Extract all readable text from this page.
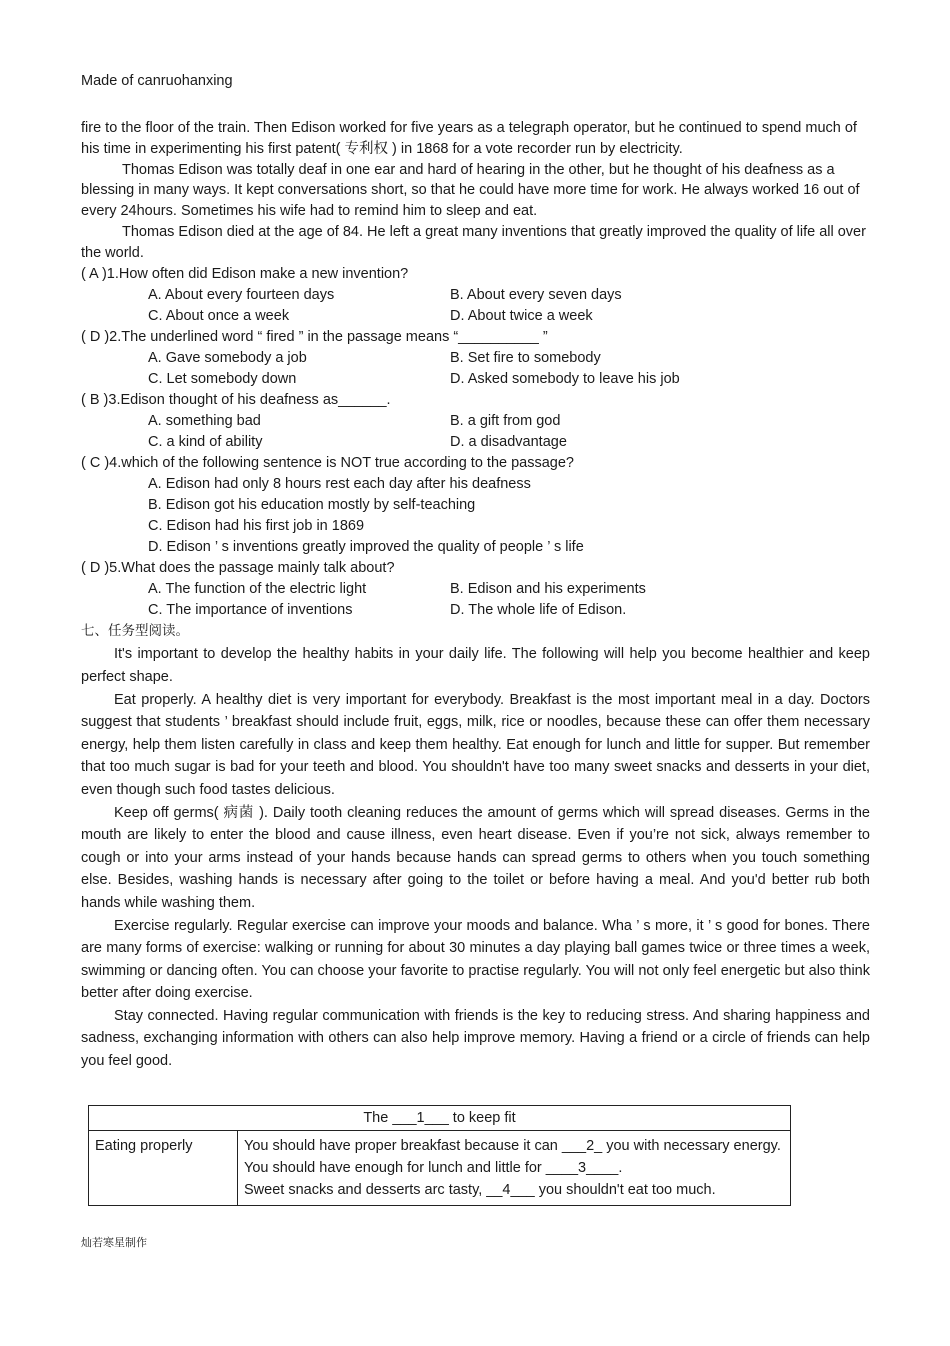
Made of canruohanxing

fire to the floor of the train. Then Edison worked for five years as a telegraph operator, but he continued to spend much of his time in experimenting his first patent( 专利权 ) in 1868 for a vote recorder run by electricity.

Thomas Edison was totally deaf in one ear and hard of hearing in the other, but he thought of his deafness as a blessing in many ways. It kept conversations short, so that he could have more time for work. He always worked 16 out of every 24hours. Sometimes his wife had to remind him to sleep and eat.

Thomas Edison died at the age of 84. He left a great many inventions that greatly improved the quality of life all over the world.

( A )1.How often did Edison make a new invention?
A. About every fourteen days	B. About every seven days
C. About once a week	D. About twice a week
( D )2.The underlined word “ fired ” in the passage means “__________ ”
A. Gave somebody a job	B. Set fire to somebody
C. Let somebody down	D. Asked somebody to leave his job
( B )3.Edison thought of his deafness as______.
A. something bad	B. a gift from god
C. a kind of ability	D. a disadvantage
( C )4.which of the following sentence is NOT true according to the passage?
A. Edison had only 8 hours rest each day after his deafness
B. Edison got his education mostly by self-teaching
C. Edison had his first job in 1869
D. Edison ’ s inventions greatly improved the quality of people ’ s life
( D )5.What does the passage mainly talk about?
A. The function of the electric light	B. Edison and his experiments
C. The importance of inventions	D. The whole life of Edison.

七、任务型阅读。

It's important to develop the healthy habits in your daily life. The following will help you become healthier and keep perfect shape.

Eat properly. A healthy diet is very important for everybody. Breakfast is the most important meal in a day. Doctors suggest that students ’ breakfast should include fruit, eggs, milk, rice or noodles, because these can offer them necessary energy, help them listen carefully in class and keep them healthy. Eat enough for lunch and little for supper. But remember that too much sugar is bad for your teeth and blood. You shouldn't have too many sweet snacks and desserts in your diet, even though such food tastes delicious.

Keep off germs( 病菌 ). Daily tooth cleaning reduces the amount of germs which will spread diseases. Germs in the mouth are likely to enter the blood and cause illness, even heart disease. Even if you’re not sick, always remember to cough or into your arms instead of your hands because hands can spread germs to others when you touch something else. Besides, washing hands is necessary after going to the toilet or before having a meal. And you'd better rub both hands while washing them.

Exercise regularly. Regular exercise can improve your moods and balance. Wha ’ s more, it ’ s good for bones. There are many forms of exercise: walking or running for about 30 minutes a day playing ball games twice or three times a week, swimming or dancing often. You can choose your favorite to practise regularly. You will not only feel energetic but also think better after doing exercise.

Stay connected. Having regular communication with friends is the key to reducing stress. And sharing happiness and sadness, exchanging information with others can also help improve memory. Having a friend or a circle of friends can help you feel good.

The ___1___ to keep fit
Eating properly	You should have proper breakfast because it can ___2_ you with necessary energy.
You should have enough for lunch and little for ____3____.
Sweet snacks and desserts arc tasty, __4___ you shouldn't eat too much.
灿若寒星制作
